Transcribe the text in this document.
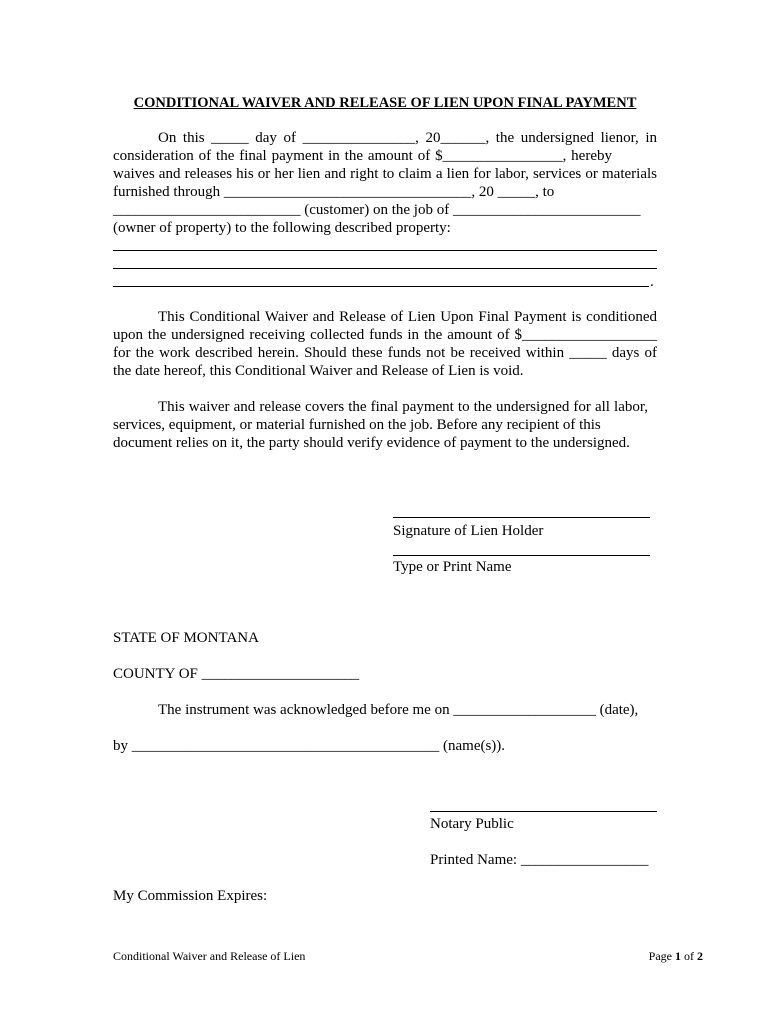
CONDITIONAL WAIVER AND RELEASE OF LIEN UPON FINAL PAYMENT
On this _____ day of _______________, 20______, the undersigned lienor, in
consideration of the final payment in the amount of $________________, hereby
waives and releases his or her lien and right to claim a lien for labor, services or materials
furnished through _________________________________, 20 _____, to
_________________________ (customer) on the job of _________________________
(owner of property) to the following described property:
.
This Conditional Waiver and Release of Lien Upon Final Payment is conditioned
upon the undersigned receiving collected funds in the amount of $__________________
for the work described herein. Should these funds not be received within _____ days of
the date hereof, this Conditional Waiver and Release of Lien is void.
This waiver and release covers the final payment to the undersigned for all labor,
services, equipment, or material furnished on the job. Before any recipient of this
document relies on it, the party should verify evidence of payment to the undersigned.
Signature of Lien Holder
Type or Print Name
STATE OF MONTANA
COUNTY OF _____________________
The instrument was acknowledged before me on ___________________ (date),
by _________________________________________ (name(s)).
Notary Public
Printed Name: _________________
My Commission Expires:
Conditional Waiver and Release of Lien	Page 1 of 2
